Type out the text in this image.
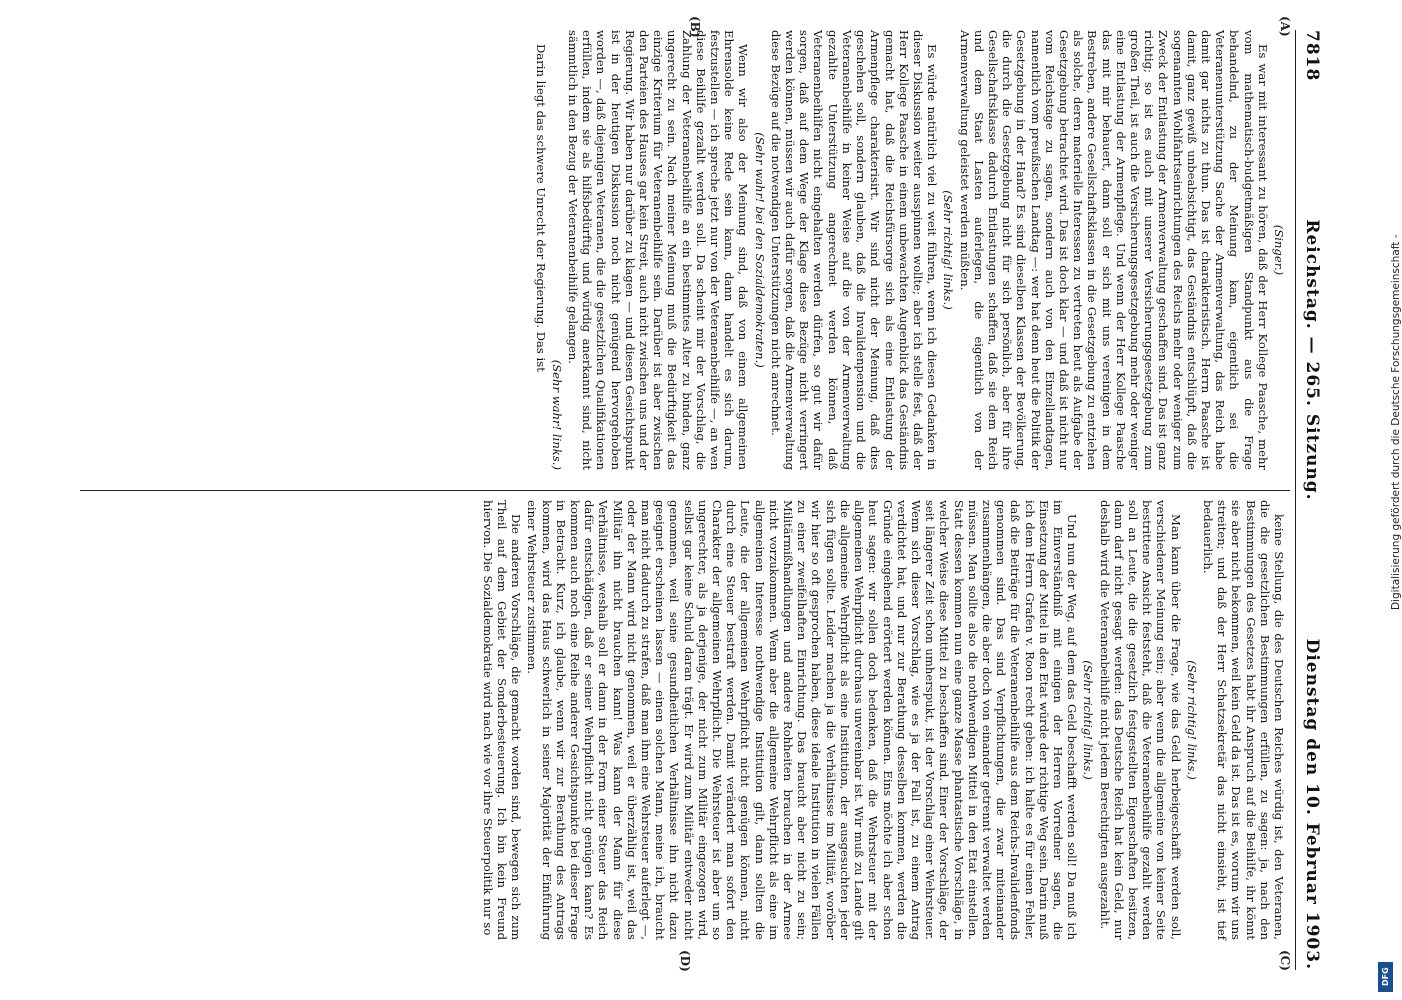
7818
Reichstag. — 265. Sitzung.
Dienstag den 10. Februar 1903.
(A)
(B)
(C)
(D)

(Singer.)

Es war mit interessant zu hören, daß der Herr Kollege Paasche, mehr vom mathematisch-budgetmäßigen Standpunkt aus die Frage behandelnd, zu der Meinung kam, eigentlich sei die Veteranenunterstützung Sache der Armenverwaltung, das Reich habe damit gar nichts zu thun. Das ist charakteristisch. Herrn Paasche ist damit, ganz gewiß unbeabsichtigt, das Geständnis entschlüpft, daß die sogenannten Wohlfahrtseinrichtungen des Reichs mehr oder weniger zum Zweck der Entlastung der Armenverwaltung geschaffen sind. Das ist ganz richtig; so ist es auch mit unserer Versicherungsgesetzgebung zum großen Theil, ist auch die Versicherungsgesetzgebung mehr oder weniger eine Entlastung der Armenpflege. Und wenn der Herr Kollege Paasche das mit mir behauert, dann soll er sich mit uns vereinigen in dem Bestreben, andere Gesellschaftsklassen in die Gesetzgebung zu entziehen als solche, deren materielle Interessen zu vertreten heut als Aufgabe der Gesetzgebung betrachtet wird. Das ist doch klar — und daß ist nicht nur vom Reichstage zu sagen, sondern auch von den Einzellandtagen, namentlich vom preußischen Landtag —: wer hat denn heut die Politik der Gesetzgebung in der Hand? Es sind dieselben Klassen der Bevölkerung, die durch die Gesetzgebung nicht für sich persönlich, aber für ihre Gesellschaftsklasse dadurch Entlastungen schaffen, daß sie dem Reich und dem Staat Lasten auferlegen, die eigentlich von der Armenverwaltung geleistet werden müßten.

(Sehr richtig! links.)

Es würde natürlich viel zu weit führen, wenn ich diesen Gedanken in dieser Diskussion weiter ausspinnen wollte; aber ich stelle fest, daß der Herr Kollege Paasche in einem unbewachten Augenblick das Geständnis gemacht hat, daß die Reichsfürsorge sich als eine Entlastung der Armenpflege charakterisirt. Wir sind nicht der Meinung, daß dies geschehen soll, sondern glauben, daß die Invalidenpension und die Veteranenbeihilfe in keiner Weise auf die von der Armenverwaltung gezahlte Unterstützung angerechnet werden können, daß Veteranenbeihilfen nicht eingehalten werden dürfen, so gut wir dafür sorgen, daß auf dem Wege der Klage diese Bezüge nicht verringert werden können, müssen wir auch dafür sorgen, daß die Armenverwaltung diese Bezüge auf die notwendigen Unterstützungen nicht anrechnet.

(Sehr wahr! bei den Sozialdemokraten.)

Wenn wir also der Meinung sind, daß von einem allgemeinen Ehrensolde keine Rede sein kann, dann handelt es sich darum, festzustellen — ich spreche jetzt nur von der Veteranenbeihilfe —, an wen diese Beihilfe gezahlt werden soll. Da scheint mir der Vorschlag, die Zahlung der Veteranenbeihilfe an ein bestimmtes Alter zu binden, ganz ungerecht zu sein. Nach meiner Meinung muß die Bedürftigkeit das einzige Kriterium für Veteranenbeihilfe sein. Darüber ist aber zwischen den Parteien des Hauses gar kein Streit, auch nicht zwischen uns und der Regierung. Wir haben nur darüber zu klagen — und diesen Gesichtspunkt ist in der heutigen Diskussion noch nicht genügend hervorgehoben worden —, daß diejenigen Veteranen, die die gesetzlichen Qualifikationen erfüllen, indem sie als hilfsbedürftig und würdig anerkannt sind, nicht sämmtlich in den Bezug der Veteranenbeihilfe gelangen.

(Sehr wahr! links.)

Darin liegt das schwere Unrecht der Regierung. Das ist

keine Stellung, die des Deutschen Reiches würdig ist, den Veteranen, die die gesetzlichen Bestimmungen erfüllen, zu sagen: ja, nach den Bestimmungen des Gesetzes habt ihr Anspruch auf die Beihilfe, ihr könnt sie aber nicht bekommen, weil kein Geld da ist. Das ist es, worum wir uns streiten; und daß der Herr Schatzsekretär das nicht einsieht, ist tief bedauerlich.

(Sehr richtig! links.)

Man kann über die Frage, wie das Geld herbeigeschafft werden soll, verschiedener Meinung sein; aber wenn die allgemeine von keiner Seite bestrittene Ansicht feststeht, daß die Veteranenbeihilfe gezahlt werden soll an Leute, die die gesetzlich festgestellten Eigenschaften besitzen, dann darf nicht gesagt werden: das Deutsche Reich hat kein Geld, nur deshalb wird die Veteranenbeihilfe nicht jedem Berechtigten ausgezahlt.

(Sehr richtig! links.)

Und nun der Weg, auf dem das Geld beschafft werden soll! Da muß ich im Einverständniß mit einigen der Herren Vorredner sagen, die Einsetzung der Mittel in den Etat würde der richtige Weg sein. Darin muß ich dem Herrn Grafen v. Roon recht geben: ich halte es für einen Fehler, daß die Beiträge für die Veteranenbeihilfe aus dem Reichs-Invalidenfonds genommen sind. Das sind Verpflichtungen, die zwar miteinander zusammenhängen, die aber doch von einander getrennt verwaltet werden müssen. Man sollte also die nothwendigen Mittel in den Etat einstellen. Statt dessen kommen nun eine ganze Masse phantastische Vorschläge, in welcher Weise diese Mittel zu beschaffen sind. Einer der Vorschläge, der seit längerer Zeit schon umherspukt, ist der Vorschlag einer Wehrsteuer. Wenn sich dieser Vorschlag, wie es ja der Fall ist, zu einem Antrag verdichtet hat, und nur zur Berathung desselben kommen, werden die Gründe eingehend erörtert werden können. Eins möchte ich aber schon heut sagen: wir sollen doch bedenken, daß die Wehrsteuer mit der allgemeinen Wehrpflicht durchaus unvereinbar ist. Wir muß zu Lande gilt die allgemeine Wehrpflicht als eine Institution, der ausgesuchten jeder sich fügen sollte. Leider machen ja die Verhältnisse im Militär, woröber wir hier so oft gesprochen haben, diese ideale Institution in vielen Fällen zu einer zweifelhaften Einrichtung. Das braucht aber nicht zu sein; Militärmißhandlungen und andere Rohheiten brauchen in der Armee nicht vorzukommen. Wenn aber die allgemeine Wehrpflicht als eine im allgemeinen Interesse nothwendige Institution gilt, dann sollten die Leute, die der allgemeinen Wehrpflicht nicht genügen können, nicht durch eine Steuer bestraft werden. Damit verändert man sofort den Charakter der allgemeinen Wehrpflicht. Die Wehrsteuer ist aber um so ungerechter, als ja derjenige, der nicht zum Militär eingezogen wird, selbst gar keine Schuld daran trägt. Er wird zum Militär entweder nicht genommen, weil seine gesundheitlichen Verhältnisse ihn nicht dazu geeignet erscheinen lassen — einen solchen Mann, meine ich, braucht man nicht dadurch zu strafen, daß man ihm eine Wehrsteuer auferlegt —, oder der Mann wird nicht genommen, weil er überzählig ist, weil das Militär ihn nicht brauchen kann! Was kann der Mann für diese Verhältnisse, weshalb soll er dann in der Form einer Steuer das Reich dafür entschädigen, daß er seiner Wehrpflicht nicht genügen kann? Es kommen auch noch eine Reihe anderer Gesichtspunkte bei dieser Frage in Betracht. Kurz, ich glaube, wenn wir zur Berathung des Antrags kommen, wird das Haus schwerlich in seiner Majorität der Einführung einer Wehrsteuer zustimmen.

Die anderen Vorschläge, die gemacht worden sind, bewegen sich zum Theil auf dem Gebiet der Sonderbesteuerung. Ich bin kein Freund hiervon. Die Sozialdemokratie wird nach wie vor ihre Steuerpolitik nur so

Digitalisierung gefördert durch die Deutsche Forschungsgemeinschaft -
DFG
